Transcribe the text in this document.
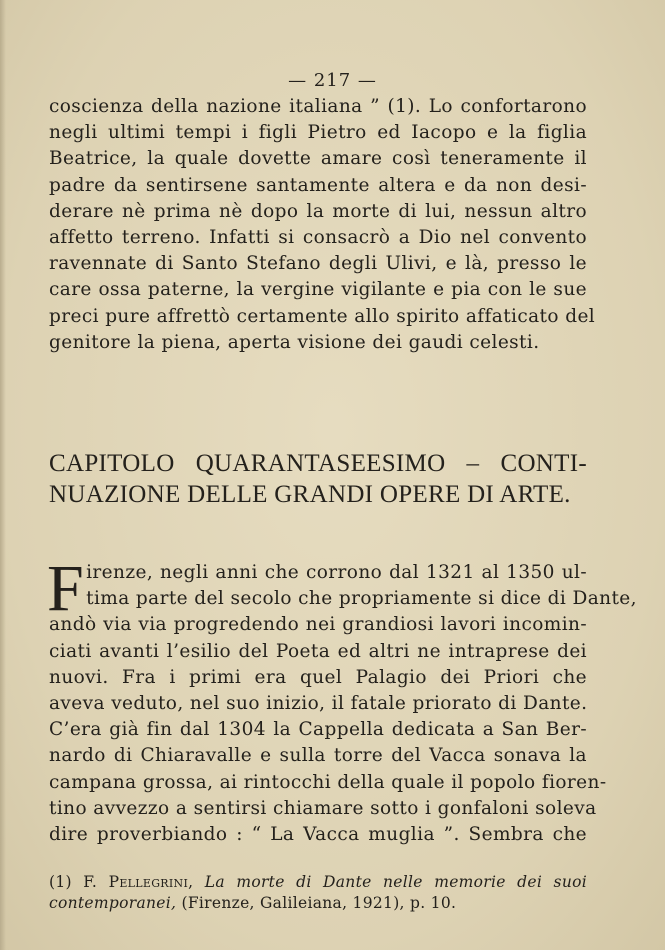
— 217 —
coscienza della nazione italiana ” (1). Lo confortarono
negli ultimi tempi i figli Pietro ed Iacopo e la figlia
Beatrice, la quale dovette amare così teneramente il
padre da sentirsene santamente altera e da non desi-
derare nè prima nè dopo la morte di lui, nessun altro
affetto terreno. Infatti si consacrò a Dio nel convento
ravennate di Santo Stefano degli Ulivi, e là, presso le
care ossa paterne, la vergine vigilante e pia con le sue
preci pure affrettò certamente allo spirito affaticato del
genitore la piena, aperta visione dei gaudi celesti.
CAPITOLO QUARANTASEESIMO – CONTI-
NUAZIONE DELLE GRANDI OPERE DI ARTE.
F irenze, negli anni che corrono dal 1321 al 1350 ul-
tima parte del secolo che propriamente si dice di Dante,
andò via via progredendo nei grandiosi lavori incomin-
ciati avanti l’esilio del Poeta ed altri ne intraprese dei
nuovi. Fra i primi era quel Palagio dei Priori che
aveva veduto, nel suo inizio, il fatale priorato di Dante.
C’era già fin dal 1304 la Cappella dedicata a San Ber-
nardo di Chiaravalle e sulla torre del Vacca sonava la
campana grossa, ai rintocchi della quale il popolo fioren-
tino avvezzo a sentirsi chiamare sotto i gonfaloni soleva
dire proverbiando : “ La Vacca muglia ”. Sembra che
(1) F. Pellegrini, La morte di Dante nelle memorie dei suoi
contemporanei, (Firenze, Galileiana, 1921), p. 10.
